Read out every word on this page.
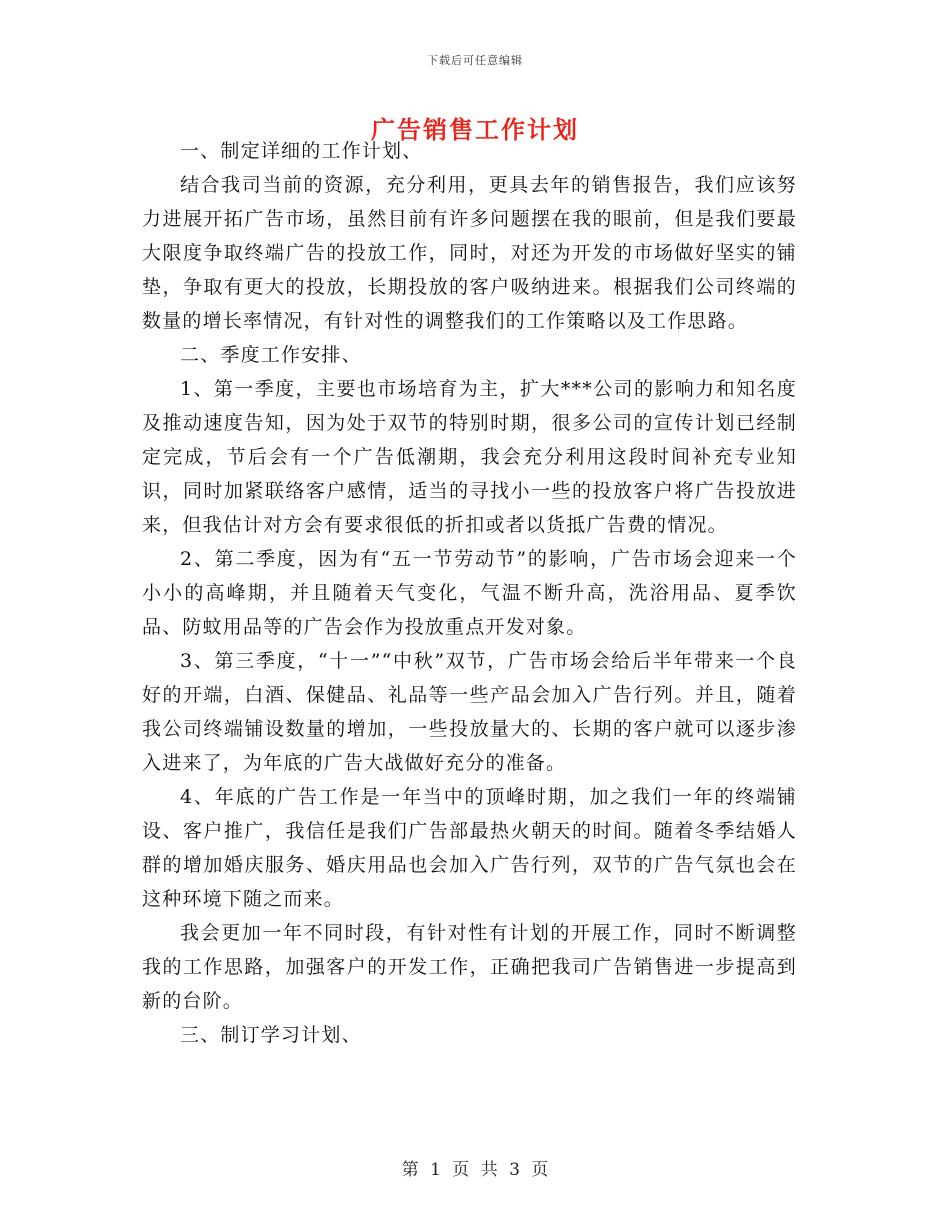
下载后可任意编辑
广告销售工作计划

一、制定详细的工作计划、

结合我司当前的资源，充分利用，更具去年的销售报告，我们应该努力进展开拓广告市场，虽然目前有许多问题摆在我的眼前，但是我们要最大限度争取终端广告的投放工作，同时，对还为开发的市场做好坚实的铺垫，争取有更大的投放，长期投放的客户吸纳进来。根据我们公司终端的数量的增长率情况，有针对性的调整我们的工作策略以及工作思路。

二、季度工作安排、

1、第一季度，主要也市场培育为主，扩大***公司的影响力和知名度及推动速度告知，因为处于双节的特别时期，很多公司的宣传计划已经制定完成，节后会有一个广告低潮期，我会充分利用这段时间补充专业知识，同时加紧联络客户感情，适当的寻找小一些的投放客户将广告投放进来，但我估计对方会有要求很低的折扣或者以货抵广告费的情况。

2、第二季度，因为有“五一节劳动节”的影响，广告市场会迎来一个小小的高峰期，并且随着天气变化，气温不断升高，洗浴用品、夏季饮品、防蚊用品等的广告会作为投放重点开发对象。

3、第三季度，“十一”“中秋”双节，广告市场会给后半年带来一个良好的开端，白酒、保健品、礼品等一些产品会加入广告行列。并且，随着我公司终端铺设数量的增加，一些投放量大的、长期的客户就可以逐步渗入进来了，为年底的广告大战做好充分的准备。

4、年底的广告工作是一年当中的顶峰时期，加之我们一年的终端铺设、客户推广，我信任是我们广告部最热火朝天的时间。随着冬季结婚人群的增加婚庆服务、婚庆用品也会加入广告行列，双节的广告气氛也会在这种环境下随之而来。

我会更加一年不同时段，有针对性有计划的开展工作，同时不断调整我的工作思路，加强客户的开发工作，正确把我司广告销售进一步提高到新的台阶。

三、制订学习计划、

第 1 页 共 3 页
